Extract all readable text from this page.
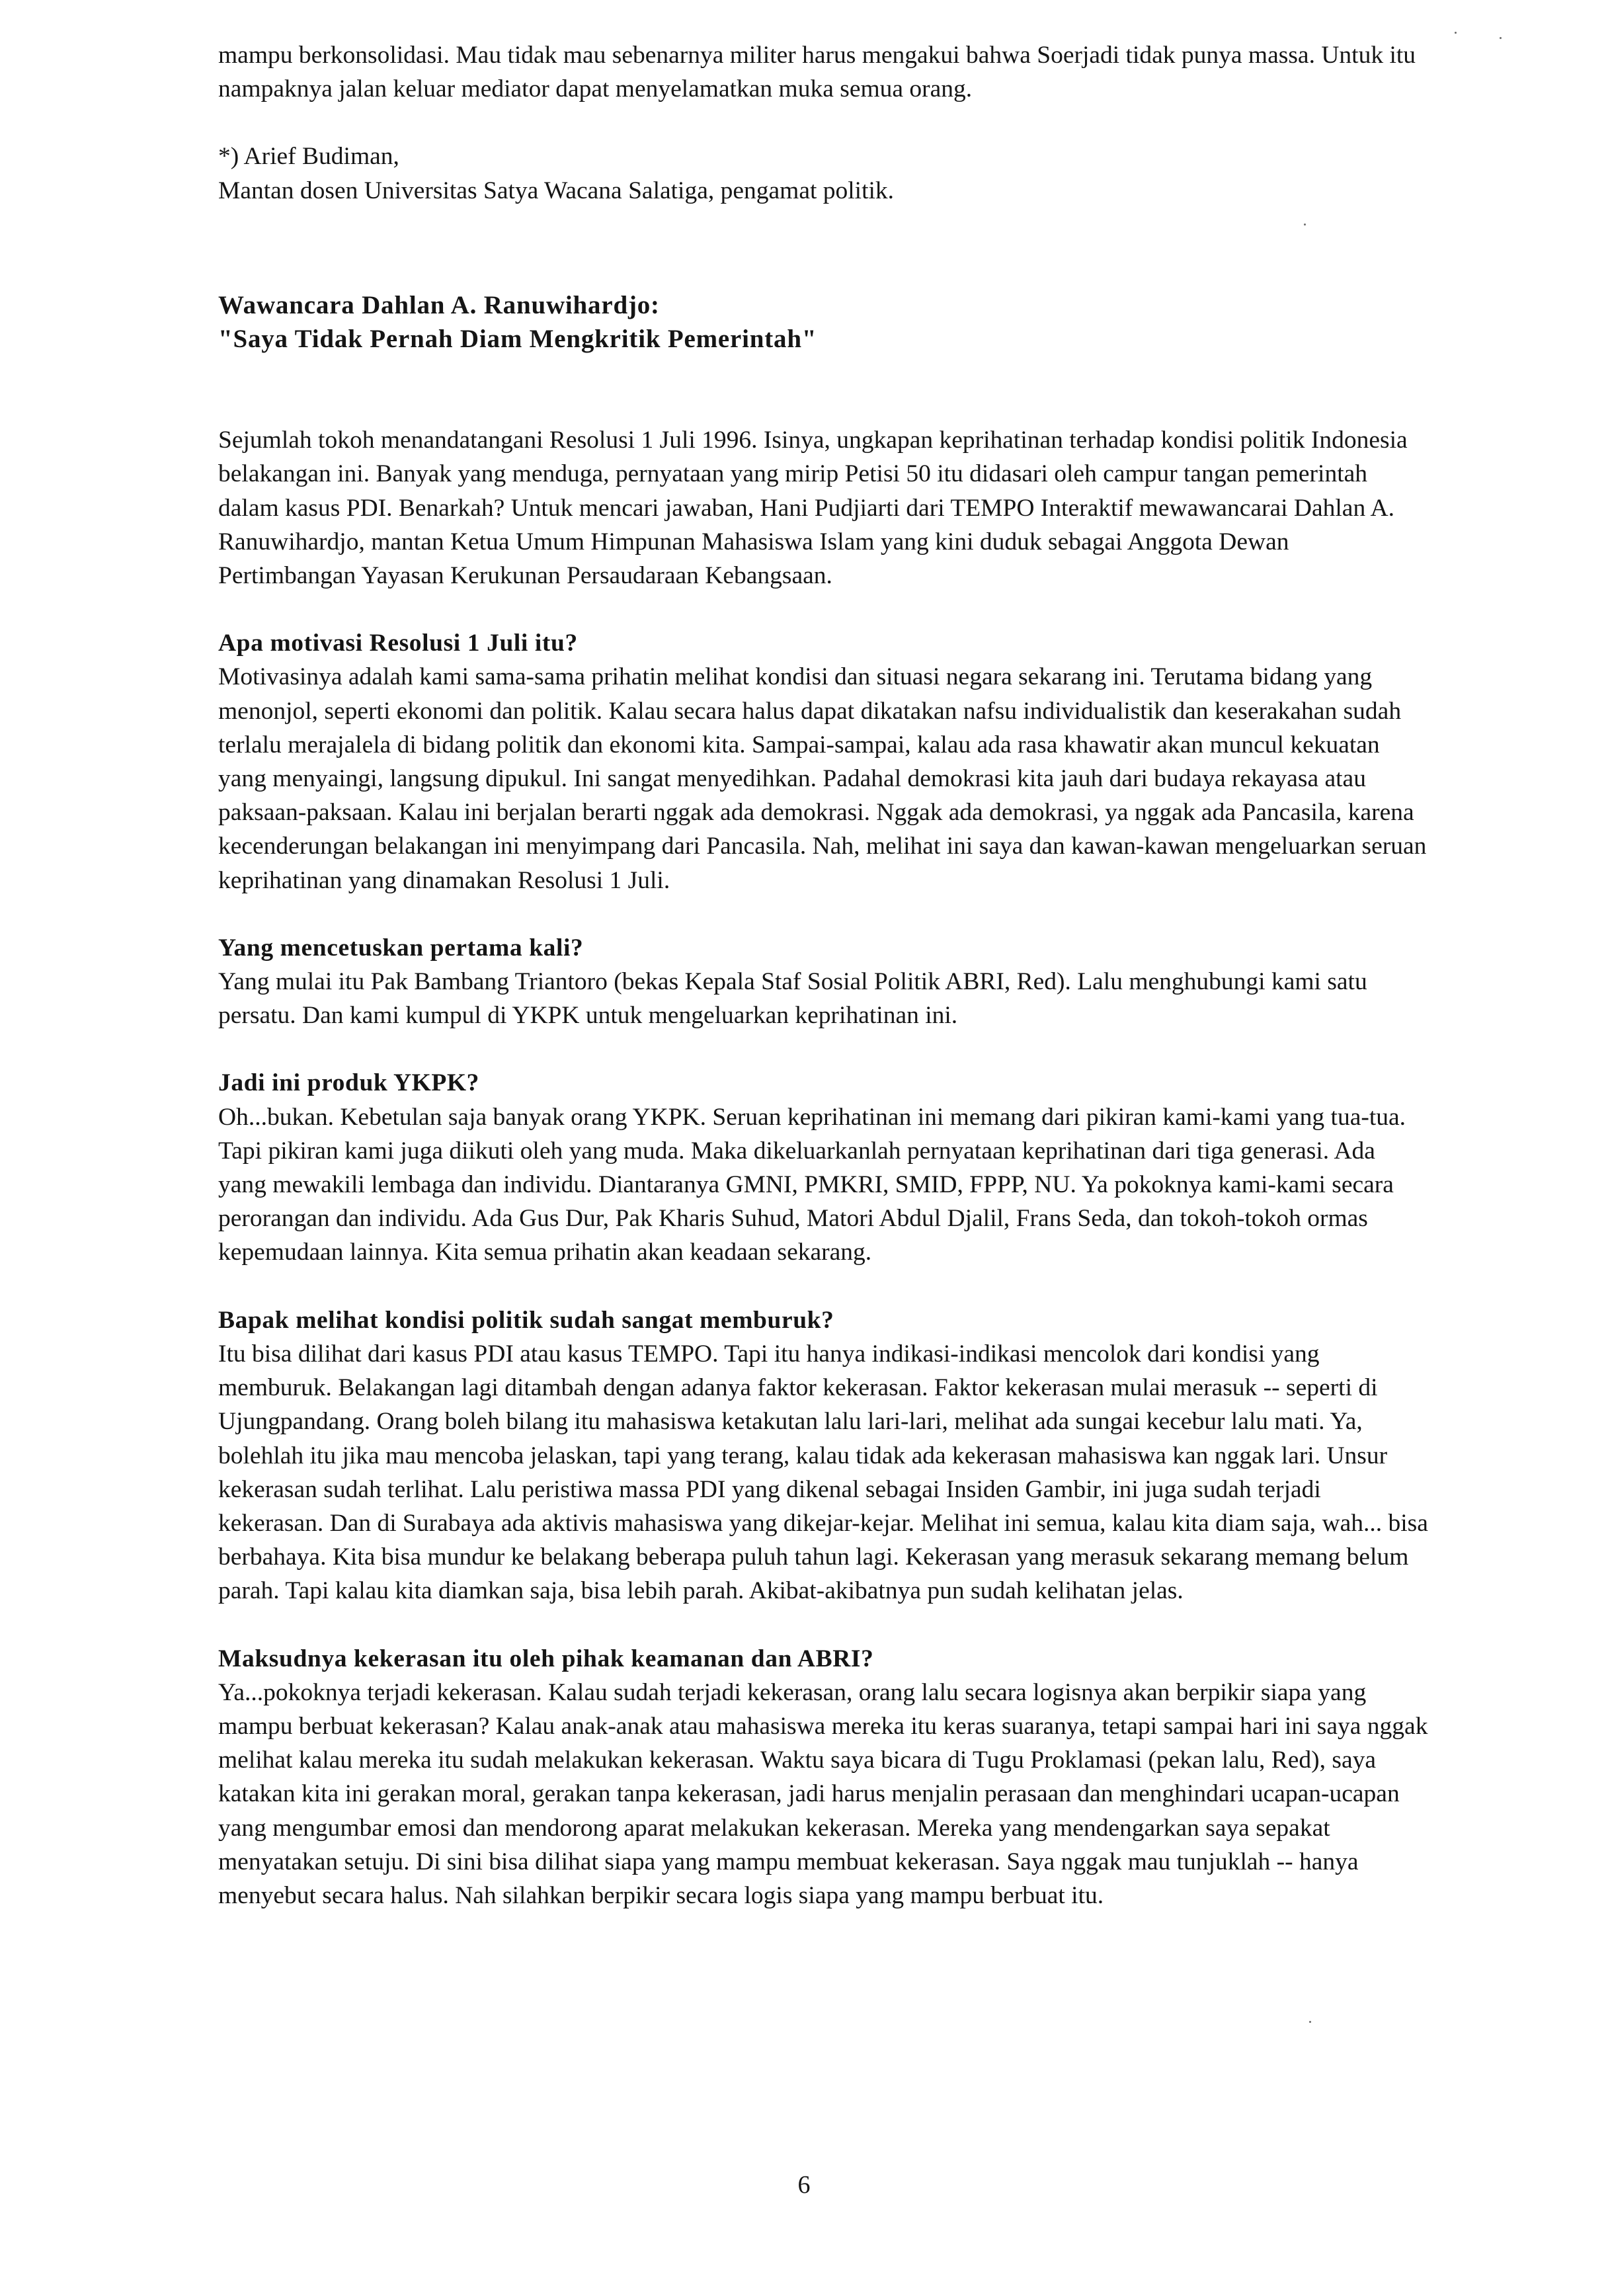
mampu berkonsolidasi. Mau tidak mau sebenarnya militer harus mengakui bahwa Soerjadi tidak punya massa. Untuk itu nampaknya jalan keluar mediator dapat menyelamatkan muka semua orang.

*) Arief Budiman,

Mantan dosen Universitas Satya Wacana Salatiga, pengamat politik.

Wawancara Dahlan A. Ranuwihardjo:

"Saya Tidak Pernah Diam Mengkritik Pemerintah"

Sejumlah tokoh menandatangani Resolusi 1 Juli 1996. Isinya, ungkapan keprihatinan terhadap kondisi politik Indonesia belakangan ini. Banyak yang menduga, pernyataan yang mirip Petisi 50 itu didasari oleh campur tangan pemerintah dalam kasus PDI. Benarkah? Untuk mencari jawaban, Hani Pudjiarti dari TEMPO Interaktif mewawancarai Dahlan A. Ranuwihardjo, mantan Ketua Umum Himpunan Mahasiswa Islam yang kini duduk sebagai Anggota Dewan Pertimbangan Yayasan Kerukunan Persaudaraan Kebangsaan.

Apa motivasi Resolusi 1 Juli itu?

Motivasinya adalah kami sama-sama prihatin melihat kondisi dan situasi negara sekarang ini. Terutama bidang yang menonjol, seperti ekonomi dan politik. Kalau secara halus dapat dikatakan nafsu individualistik dan keserakahan sudah terlalu merajalela di bidang politik dan ekonomi kita. Sampai-sampai, kalau ada rasa khawatir akan muncul kekuatan yang menyaingi, langsung dipukul. Ini sangat menyedihkan. Padahal demokrasi kita jauh dari budaya rekayasa atau paksaan-paksaan. Kalau ini berjalan berarti nggak ada demokrasi. Nggak ada demokrasi, ya nggak ada Pancasila, karena kecenderungan belakangan ini menyimpang dari Pancasila. Nah, melihat ini saya dan kawan-kawan mengeluarkan seruan keprihatinan yang dinamakan Resolusi 1 Juli.

Yang mencetuskan pertama kali?

Yang mulai itu Pak Bambang Triantoro (bekas Kepala Staf Sosial Politik ABRI, Red). Lalu menghubungi kami satu persatu. Dan kami kumpul di YKPK untuk mengeluarkan keprihatinan ini.

Jadi ini produk YKPK?

Oh...bukan. Kebetulan saja banyak orang YKPK. Seruan keprihatinan ini memang dari pikiran kami-kami yang tua-tua. Tapi pikiran kami juga diikuti oleh yang muda. Maka dikeluarkanlah pernyataan keprihatinan dari tiga generasi. Ada yang mewakili lembaga dan individu. Diantaranya GMNI, PMKRI, SMID, FPPP, NU. Ya pokoknya kami-kami secara perorangan dan individu. Ada Gus Dur, Pak Kharis Suhud, Matori Abdul Djalil, Frans Seda, dan tokoh-tokoh ormas kepemudaan lainnya. Kita semua prihatin akan keadaan sekarang.

Bapak melihat kondisi politik sudah sangat memburuk?

Itu bisa dilihat dari kasus PDI atau kasus TEMPO. Tapi itu hanya indikasi-indikasi mencolok dari kondisi yang memburuk. Belakangan lagi ditambah dengan adanya faktor kekerasan. Faktor kekerasan mulai merasuk -- seperti di Ujungpandang. Orang boleh bilang itu mahasiswa ketakutan lalu lari-lari, melihat ada sungai kecebur lalu mati. Ya, bolehlah itu jika mau mencoba jelaskan, tapi yang terang, kalau tidak ada kekerasan mahasiswa kan nggak lari. Unsur kekerasan sudah terlihat. Lalu peristiwa massa PDI yang dikenal sebagai Insiden Gambir, ini juga sudah terjadi kekerasan. Dan di Surabaya ada aktivis mahasiswa yang dikejar-kejar. Melihat ini semua, kalau kita diam saja, wah... bisa berbahaya. Kita bisa mundur ke belakang beberapa puluh tahun lagi. Kekerasan yang merasuk sekarang memang belum parah. Tapi kalau kita diamkan saja, bisa lebih parah. Akibat-akibatnya pun sudah kelihatan jelas.

Maksudnya kekerasan itu oleh pihak keamanan dan ABRI?

Ya...pokoknya terjadi kekerasan. Kalau sudah terjadi kekerasan, orang lalu secara logisnya akan berpikir siapa yang mampu berbuat kekerasan? Kalau anak-anak atau mahasiswa mereka itu keras suaranya, tetapi sampai hari ini saya nggak melihat kalau mereka itu sudah melakukan kekerasan. Waktu saya bicara di Tugu Proklamasi (pekan lalu, Red), saya katakan kita ini gerakan moral, gerakan tanpa kekerasan, jadi harus menjalin perasaan dan menghindari ucapan-ucapan yang mengumbar emosi dan mendorong aparat melakukan kekerasan. Mereka yang mendengarkan saya sepakat menyatakan setuju. Di sini bisa dilihat siapa yang mampu membuat kekerasan. Saya nggak mau tunjuklah -- hanya menyebut secara halus. Nah silahkan berpikir secara logis siapa yang mampu berbuat itu.

6
